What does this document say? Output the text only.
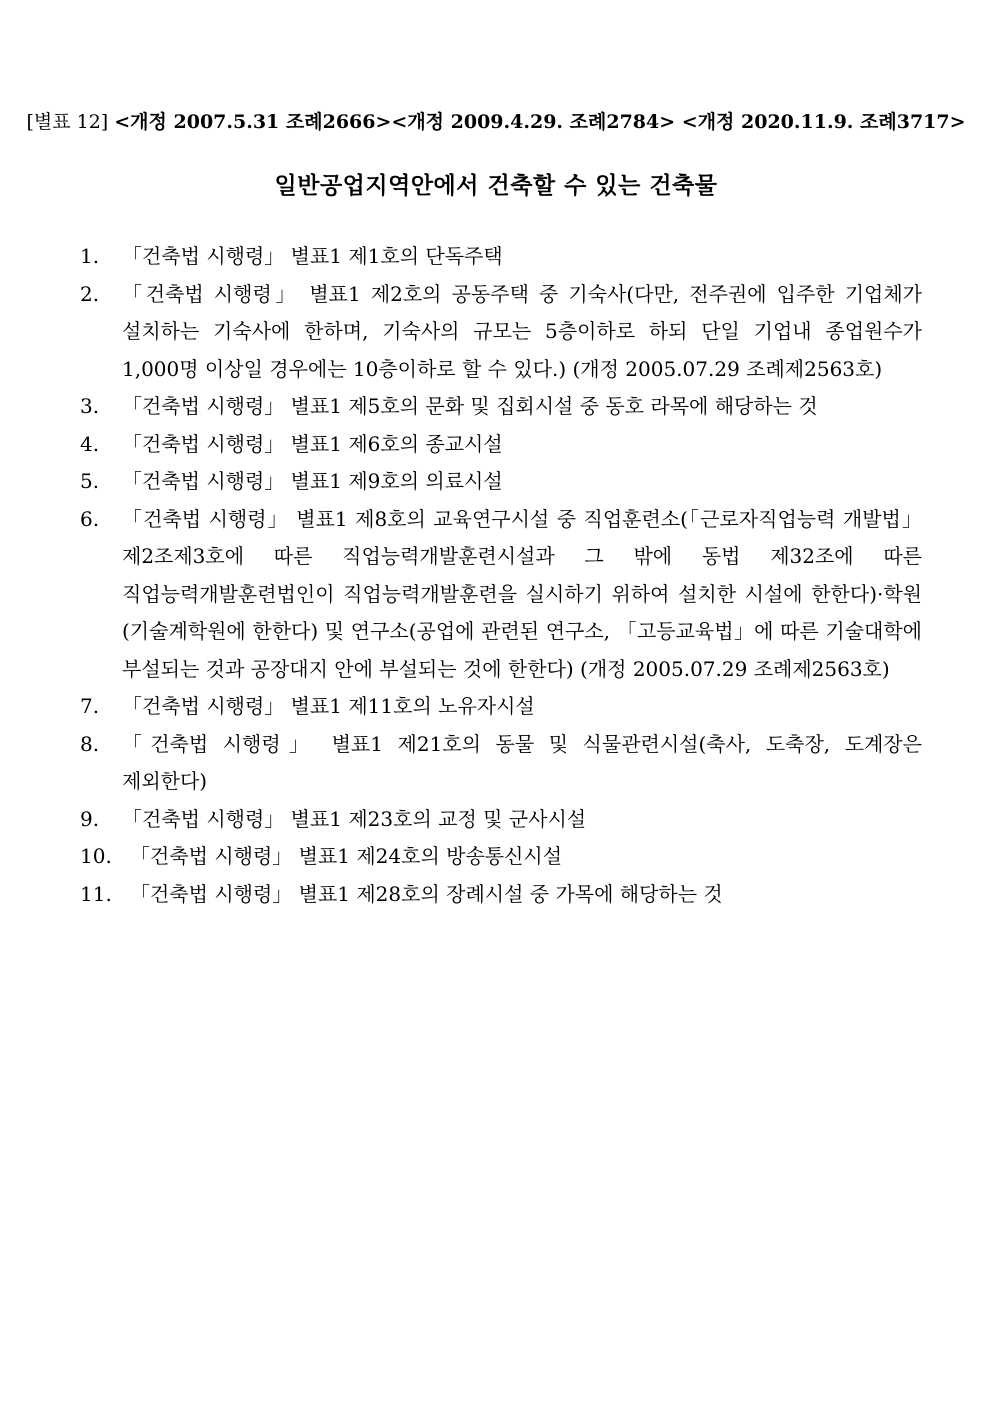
[별표 12] <개정 2007.5.31 조례2666><개정 2009.4.29. 조례2784> <개정 2020.11.9. 조례3717>
일반공업지역안에서 건축할 수 있는 건축물
1.	「건축법 시행령」 별표1 제1호의 단독주택
2.	「건축법 시행령」 별표1 제2호의 공동주택 중 기숙사(다만, 전주권에 입주한 기업체가 설치하는 기숙사에 한하며, 기숙사의 규모는 5층이하로 하되 단일 기업내 종업원수가 1,000명 이상일 경우에는 10층이하로 할 수 있다.) (개정 2005.07.29 조례제2563호)
3.	「건축법 시행령」 별표1 제5호의 문화 및 집회시설 중 동호 라목에 해당하는 것
4.	「건축법 시행령」 별표1 제6호의 종교시설
5.	「건축법 시행령」 별표1 제9호의 의료시설
6.	「건축법 시행령」 별표1 제8호의 교육연구시설 중 직업훈련소(「근로자직업능력 개발법」제2조제3호에 따른 직업능력개발훈련시설과 그 밖에 동법 제32조에 따른 직업능력개발훈련법인이 직업능력개발훈련을 실시하기 위하여 설치한 시설에 한한다)·학원(기술계학원에 한한다) 및 연구소(공업에 관련된 연구소, 「고등교육법」에 따른 기술대학에 부설되는 것과 공장대지 안에 부설되는 것에 한한다) (개정 2005.07.29 조례제2563호)
7.	「건축법 시행령」 별표1 제11호의 노유자시설
8.	「건축법 시행령」 별표1 제21호의 동물 및 식물관련시설(축사, 도축장, 도계장은 제외한다)
9.	「건축법 시행령」 별표1 제23호의 교정 및 군사시설
10. 「건축법 시행령」 별표1 제24호의 방송통신시설
11. 「건축법 시행령」 별표1 제28호의 장례시설 중 가목에 해당하는 것
